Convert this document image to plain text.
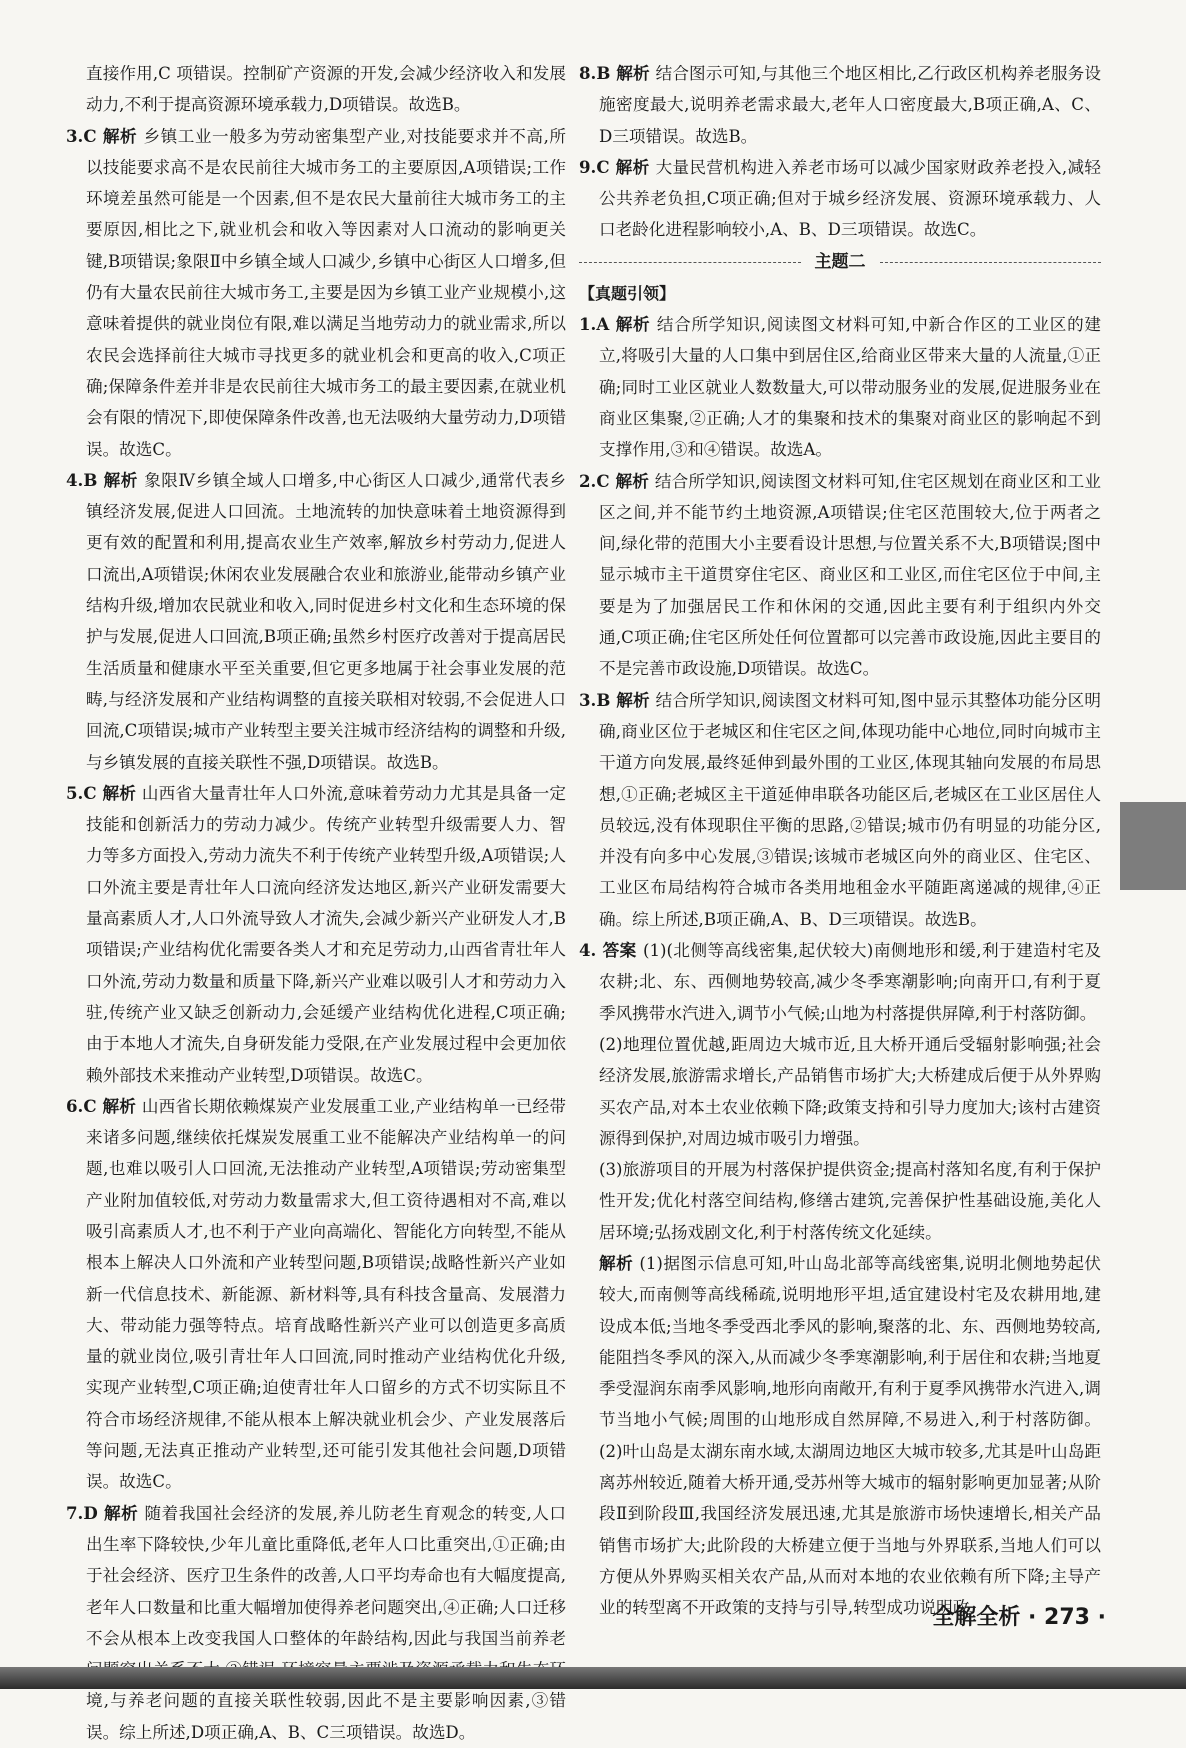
直接作用,C 项错误。控制矿产资源的开发,会减少经济收入和发展动力,不利于提高资源环境承载力,D项错误。故选B。

3.C 解析 乡镇工业一般多为劳动密集型产业,对技能要求并不高,所以技能要求高不是农民前往大城市务工的主要原因,A项错误;工作环境差虽然可能是一个因素,但不是农民大量前往大城市务工的主要原因,相比之下,就业机会和收入等因素对人口流动的影响更关键,B项错误;象限Ⅱ中乡镇全域人口减少,乡镇中心街区人口增多,但仍有大量农民前往大城市务工,主要是因为乡镇工业产业规模小,这意味着提供的就业岗位有限,难以满足当地劳动力的就业需求,所以农民会选择前往大城市寻找更多的就业机会和更高的收入,C项正确;保障条件差并非是农民前往大城市务工的最主要因素,在就业机会有限的情况下,即使保障条件改善,也无法吸纳大量劳动力,D项错误。故选C。

4.B 解析 象限Ⅳ乡镇全域人口增多,中心街区人口减少,通常代表乡镇经济发展,促进人口回流。土地流转的加快意味着土地资源得到更有效的配置和利用,提高农业生产效率,解放乡村劳动力,促进人口流出,A项错误;休闲农业发展融合农业和旅游业,能带动乡镇产业结构升级,增加农民就业和收入,同时促进乡村文化和生态环境的保护与发展,促进人口回流,B项正确;虽然乡村医疗改善对于提高居民生活质量和健康水平至关重要,但它更多地属于社会事业发展的范畴,与经济发展和产业结构调整的直接关联相对较弱,不会促进人口回流,C项错误;城市产业转型主要关注城市经济结构的调整和升级,与乡镇发展的直接关联性不强,D项错误。故选B。

5.C 解析 山西省大量青壮年人口外流,意味着劳动力尤其是具备一定技能和创新活力的劳动力减少。传统产业转型升级需要人力、智力等多方面投入,劳动力流失不利于传统产业转型升级,A项错误;人口外流主要是青壮年人口流向经济发达地区,新兴产业研发需要大量高素质人才,人口外流导致人才流失,会减少新兴产业研发人才,B项错误;产业结构优化需要各类人才和充足劳动力,山西省青壮年人口外流,劳动力数量和质量下降,新兴产业难以吸引人才和劳动力入驻,传统产业又缺乏创新动力,会延缓产业结构优化进程,C项正确;由于本地人才流失,自身研发能力受限,在产业发展过程中会更加依赖外部技术来推动产业转型,D项错误。故选C。

6.C 解析 山西省长期依赖煤炭产业发展重工业,产业结构单一已经带来诸多问题,继续依托煤炭发展重工业不能解决产业结构单一的问题,也难以吸引人口回流,无法推动产业转型,A项错误;劳动密集型产业附加值较低,对劳动力数量需求大,但工资待遇相对不高,难以吸引高素质人才,也不利于产业向高端化、智能化方向转型,不能从根本上解决人口外流和产业转型问题,B项错误;战略性新兴产业如新一代信息技术、新能源、新材料等,具有科技含量高、发展潜力大、带动能力强等特点。培育战略性新兴产业可以创造更多高质量的就业岗位,吸引青壮年人口回流,同时推动产业结构优化升级,实现产业转型,C项正确;迫使青壮年人口留乡的方式不切实际且不符合市场经济规律,不能从根本上解决就业机会少、产业发展落后等问题,无法真正推动产业转型,还可能引发其他社会问题,D项错误。故选C。

7.D 解析 随着我国社会经济的发展,养儿防老生育观念的转变,人口出生率下降较快,少年儿童比重降低,老年人口比重突出,①正确;由于社会经济、医疗卫生条件的改善,人口平均寿命也有大幅度提高,老年人口数量和比重大幅增加使得养老问题突出,④正确;人口迁移不会从根本上改变我国人口整体的年龄结构,因此与我国当前养老 境,与养老问题的直接关联性较弱,因此不是主要影响因素,③错误。综上所述,D项正确,A、B、C三项错误。故选D。

8.B 解析 结合图示可知,与其他三个地区相比,乙行政区机构养老服务设施密度最大,说明养老需求最大,老年人口密度最大,B项正确,A、C、D三项错误。故选B。

9.C 解析 大量民营机构进入养老市场可以减少国家财政养老投入,减轻公共养老负担,C项正确;但对于城乡经济发展、资源环境承载力、人口老龄化进程影响较小,A、B、D三项错误。故选C。

主题二

【真题引领】

1.A 解析 结合所学知识,阅读图文材料可知,中新合作区的工业区的建立,将吸引大量的人口集中到居住区,给商业区带来大量的人流量,①正确;同时工业区就业人数数量大,可以带动服务业的发展,促进服务业在商业区集聚,②正确;人才的集聚和技术的集聚对商业区的影响起不到支撑作用,③和④错误。故选A。

2.C 解析 结合所学知识,阅读图文材料可知,住宅区规划在商业区和工业区之间,并不能节约土地资源,A项错误;住宅区范围较大,位于两者之间,绿化带的范围大小主要看设计思想,与位置关系不大,B项错误;图中显示城市主干道贯穿住宅区、商业区和工业区,而住宅区位于中间,主要是为了加强居民工作和休闲的交通,因此主要有利于组织内外交通,C项正确;住宅区所处任何位置都可以完善市政设施,因此主要目的不是完善市政设施,D项错误。故选C。

3.B 解析 结合所学知识,阅读图文材料可知,图中显示其整体功能分区明确,商业区位于老城区和住宅区之间,体现功能中心地位,同时向城市主干道方向发展,最终延伸到最外围的工业区,体现其轴向发展的布局思想,①正确;老城区主干道延伸串联各功能区后,老城区在工业区居住人员较远,没有体现职住平衡的思路,②错误;城市仍有明显的功能分区,并没有向多中心发展,③错误;该城市老城区向外的商业区、住宅区、工业区布局结构符合城市各类用地租金水平随距离递减的规律,④正确。综上所述,B项正确,A、B、D三项错误。故选B。

4. 答案 (1)(北侧等高线密集,起伏较大)南侧地形和缓,利于建造村宅及农耕;北、东、西侧地势较高,减少冬季寒潮影响;向南开口,有利于夏季风携带水汽进入,调节小气候;山地为村落提供屏障,利于村落防御。

(2)地理位置优越,距周边大城市近,且大桥开通后受辐射影响强;社会经济发展,旅游需求增长,产品销售市场扩大;大桥建成后便于从外界购买农产品,对本土农业依赖下降;政策支持和引导力度加大;该村古建资源得到保护,对周边城市吸引力增强。

(3)旅游项目的开展为村落保护提供资金;提高村落知名度,有利于保护性开发;优化村落空间结构,修缮古建筑,完善保护性基础设施,美化人居环境;弘扬戏剧文化,利于村落传统文化延续。

解析 (1)据图示信息可知,叶山岛北部等高线密集,说明北侧地势起伏较大,而南侧等高线稀疏,说明地形平坦,适宜建设村宅及农耕用地,建设成本低;当地冬季受西北季风的影响,聚落的北、东、西侧地势较高,能阻挡冬季风的深入,从而减少冬季寒潮影响,利于居住和农耕;当地夏季受湿润东南季风影响,地形向南敞开,有利于夏季风携带水汽进入,调节当地小气候;周围的山地形成自然屏障,不易进入,利于村落防御。(2)叶山岛是太湖东南水域,太湖周边地区大城市较多,尤其是叶山岛距离苏州较近,随着大桥开通,受苏州等大城市的辐射影响更加显著;从阶段Ⅱ到阶段Ⅲ,我国经济发展迅速,尤其是旅游市场快速增长,相关产品销售市场扩大;此阶段的大桥建立便于当地与外界联系,当地人们可以方便从外界购买相关农产品,从而对本地的农业依赖有所下降;主导产业的转型离不开政策的支持与引导,转型成功说明政

全解全析 · 273 ·
